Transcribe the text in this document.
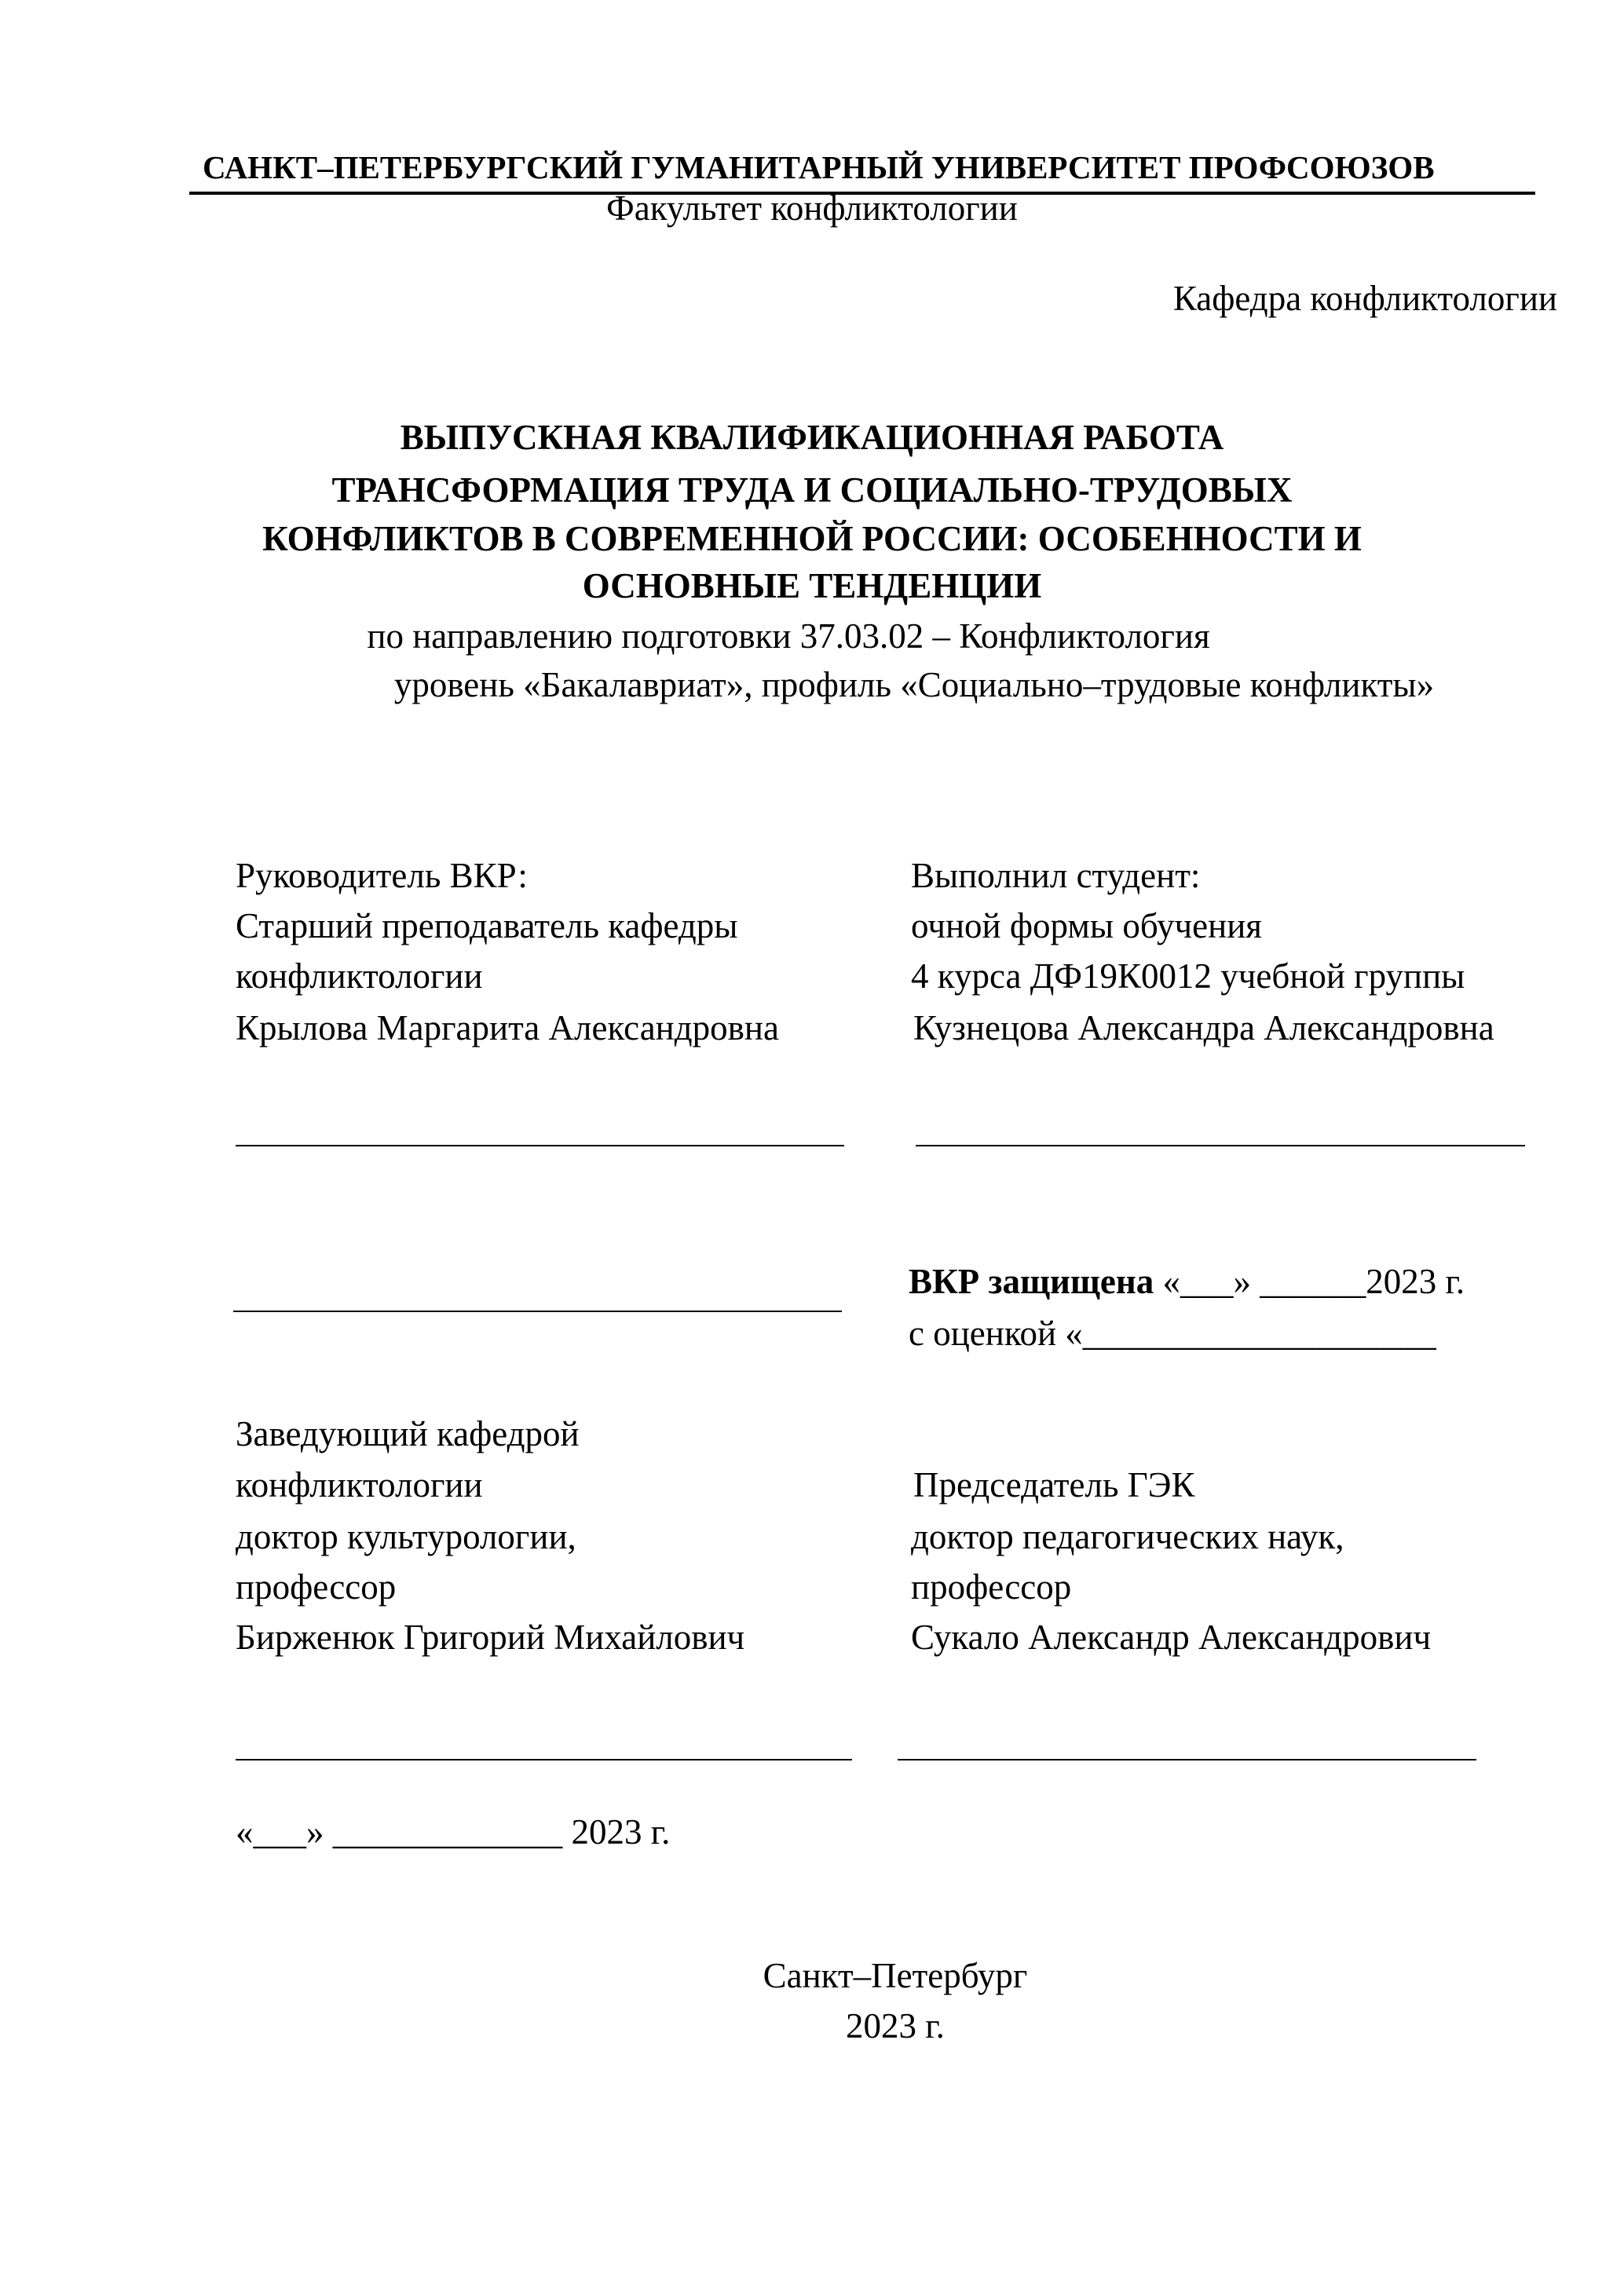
САНКТ–ПЕТЕРБУРГСКИЙ ГУМАНИТАРНЫЙ УНИВЕРСИТЕТ ПРОФСОЮЗОВ
Факультет конфликтологии
Кафедра конфликтологии
ВЫПУСКНАЯ КВАЛИФИКАЦИОННАЯ РАБОТА
ТРАНСФОРМАЦИЯ ТРУДА И СОЦИАЛЬНО-ТРУДОВЫХ
КОНФЛИКТОВ В СОВРЕМЕННОЙ РОССИИ: ОСОБЕННОСТИ И
ОСНОВНЫЕ ТЕНДЕНЦИИ
по направлению подготовки 37.03.02 – Конфликтология
уровень «Бакалавриат», профиль «Социально–трудовые конфликты»
Руководитель ВКР:
Старший преподаватель кафедры
конфликтологии
Крылова Маргарита Александровна
Выполнил студент:
очной формы обучения
4 курса ДФ19К0012 учебной группы
Кузнецова Александра Александровна
ВКР защищена «___» ______2023 г.
с оценкой «____________________
Заведующий кафедрой
конфликтологии
доктор культурологии,
профессор
Бирженюк Григорий Михайлович
Председатель ГЭК
доктор педагогических наук,
профессор
Сукало Александр Александрович
«___» _____________ 2023 г.
Санкт–Петербург
2023 г.
